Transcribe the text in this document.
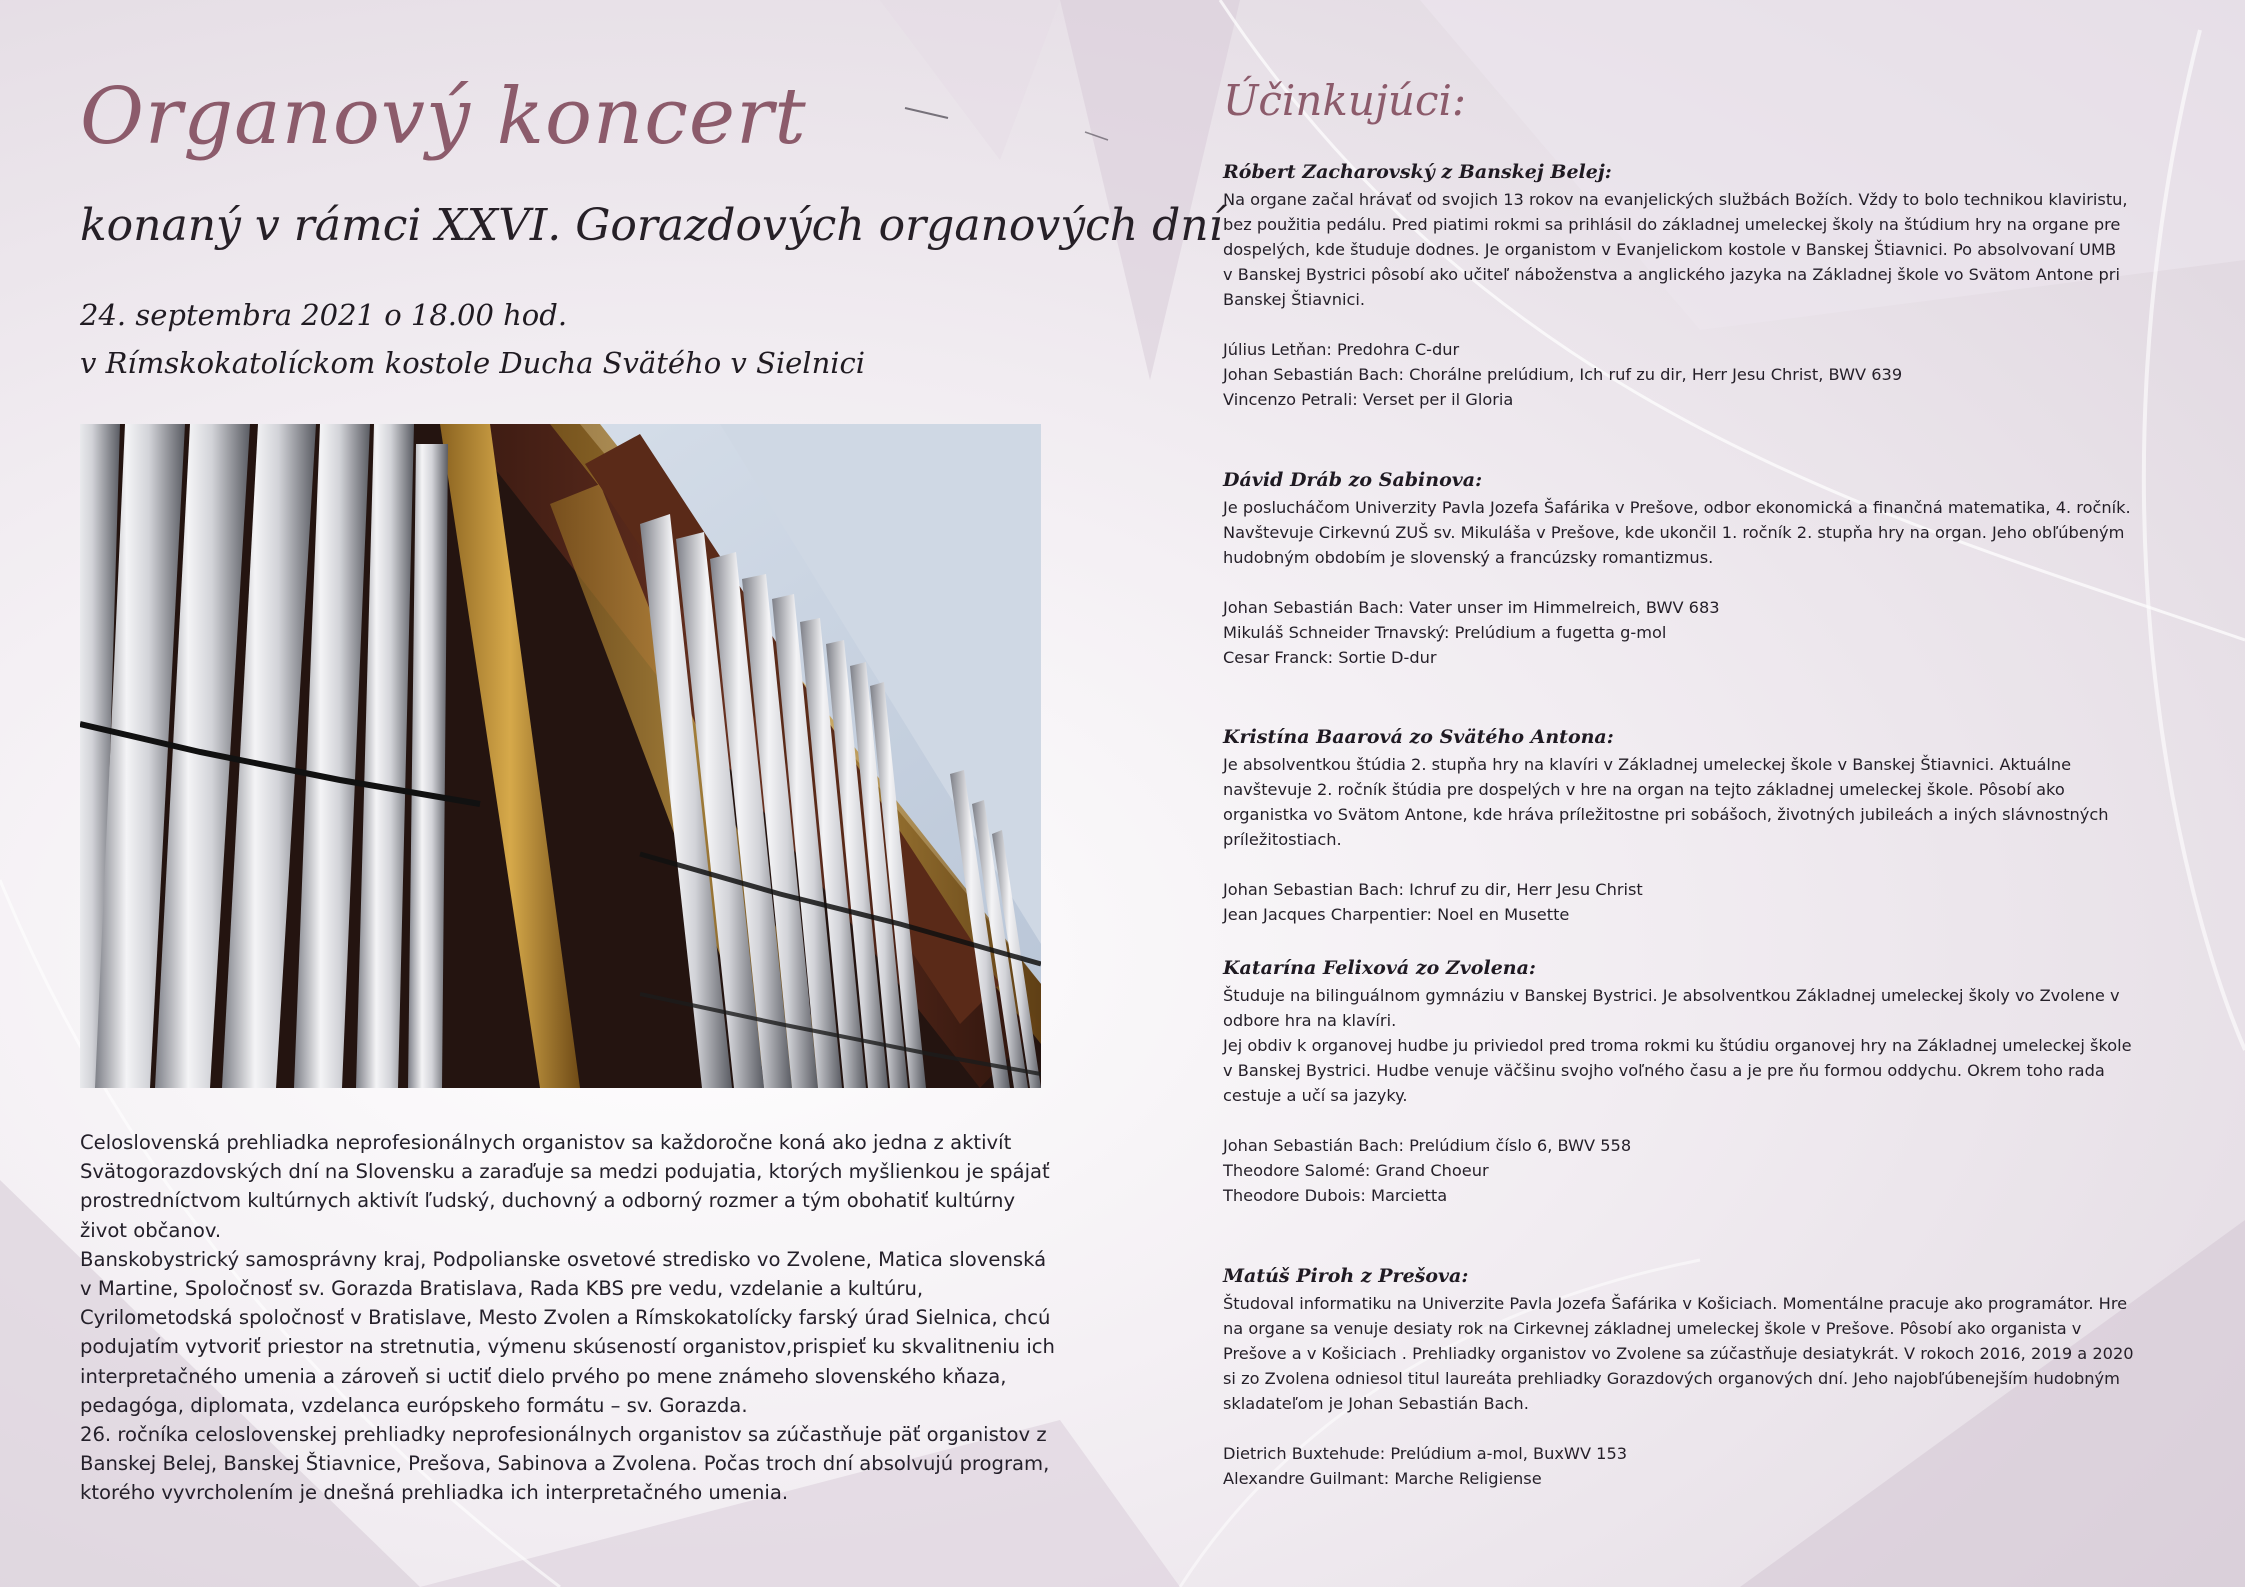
Organový koncert
konaný v rámci XXVI. Gorazdových organových dní
24. septembra 2021 o 18.00 hod.
v Rímskokatolíckom kostole Ducha Svätého v Sielnici

Celoslovenská prehliadka neprofesionálnych organistov sa každoročne koná ako jedna z aktivít Svätogorazdovských dní na Slovensku a zaraďuje sa medzi podujatia, ktorých myšlienkou je spájať prostredníctvom kultúrnych aktivít ľudský, duchovný a odborný rozmer a tým obohatiť kultúrny život občanov.

Banskobystrický samosprávny kraj, Podpolianske osvetové stredisko vo Zvolene, Matica slovenská v Martine, Spoločnosť sv. Gorazda Bratislava, Rada KBS pre vedu, vzdelanie a kultúru, Cyrilometodská spoločnosť v Bratislave, Mesto Zvolen a Rímskokatolícky farský úrad Sielnica, chcú podujatím vytvoriť priestor na stretnutia, výmenu skúseností organistov,prispieť ku skvalitneniu ich interpretačného umenia a zároveň si uctiť dielo prvého po mene známeho slovenského kňaza, pedagóga, diplomata, vzdelanca európskeho formátu – sv. Gorazda.

26. ročníka celoslovenskej prehliadky neprofesionálnych organistov sa zúčastňuje päť organistov z Banskej Belej, Banskej Štiavnice, Prešova, Sabinova a Zvolena. Počas troch dní absolvujú program, ktorého vyvrcholením je dnešná prehliadka ich interpretačného umenia.

Účinkujúci:
Róbert Zacharovský z Banskej Belej:

Na organe začal hrávať od svojich 13 rokov na evanjelických službách Božích. Vždy to bolo technikou klaviristu, bez použitia pedálu. Pred piatimi rokmi sa prihlásil do základnej umeleckej školy na štúdium hry na organe pre dospelých, kde študuje dodnes. Je organistom v Evanjelickom kostole v Banskej Štiavnici. Po absolvovaní UMB

v Banskej Bystrici pôsobí ako učiteľ náboženstva a anglického jazyka na Základnej škole vo Svätom Antone pri Banskej Štiavnici.

Július Letňan: Predohra C-dur

Johan Sebastián Bach: Chorálne prelúdium, Ich ruf zu dir, Herr Jesu Christ, BWV 639

Vincenzo Petrali: Verset per il Gloria

Dávid Dráb zo Sabinova:

Je poslucháčom Univerzity Pavla Jozefa Šafárika v Prešove, odbor ekonomická a finančná matematika, 4. ročník. Navštevuje Cirkevnú ZUŠ sv. Mikuláša v Prešove, kde ukončil 1. ročník 2. stupňa hry na organ. Jeho obľúbeným hudobným obdobím je slovenský a francúzsky romantizmus.

Johan Sebastián Bach: Vater unser im Himmelreich, BWV 683

Mikuláš Schneider Trnavský: Prelúdium a fugetta g-mol

Cesar Franck: Sortie D-dur

Kristína Baarová zo Svätého Antona:

Je absolventkou štúdia 2. stupňa hry na klavíri v Základnej umeleckej škole v Banskej Štiavnici. Aktuálne navštevuje 2. ročník štúdia pre dospelých v hre na organ na tejto základnej umeleckej škole. Pôsobí ako organistka vo Svätom Antone, kde hráva príležitostne pri sobášoch, životných jubileách a iných slávnostných príležitostiach.

Johan Sebastian Bach: Ichruf zu dir, Herr Jesu Christ

Jean Jacques Charpentier: Noel en Musette

Katarína Felixová zo Zvolena:

Študuje na bilinguálnom gymnáziu v Banskej Bystrici. Je absolventkou Základnej umeleckej školy vo Zvolene v odbore hra na klavíri.

Jej obdiv k organovej hudbe ju priviedol pred troma rokmi ku štúdiu organovej hry na Základnej umeleckej škole v Banskej Bystrici. Hudbe venuje väčšinu svojho voľného času a je pre ňu formou oddychu. Okrem toho rada cestuje a učí sa jazyky.

Johan Sebastián Bach: Prelúdium číslo 6, BWV 558

Theodore Salomé: Grand Choeur

Theodore Dubois: Marcietta

Matúš Piroh z Prešova:

Študoval informatiku na Univerzite Pavla Jozefa Šafárika v Košiciach. Momentálne pracuje ako programátor. Hre na organe sa venuje desiaty rok na Cirkevnej základnej umeleckej škole v Prešove. Pôsobí ako organista v Prešove a v Košiciach . Prehliadky organistov vo Zvolene sa zúčastňuje desiatykrát. V rokoch 2016, 2019 a 2020 si zo Zvolena odniesol titul laureáta prehliadky Gorazdových organových dní. Jeho najobľúbenejším hudobným skladateľom je Johan Sebastián Bach.

Dietrich Buxtehude: Prelúdium a-mol, BuxWV 153

Alexandre Guilmant: Marche Religiense
